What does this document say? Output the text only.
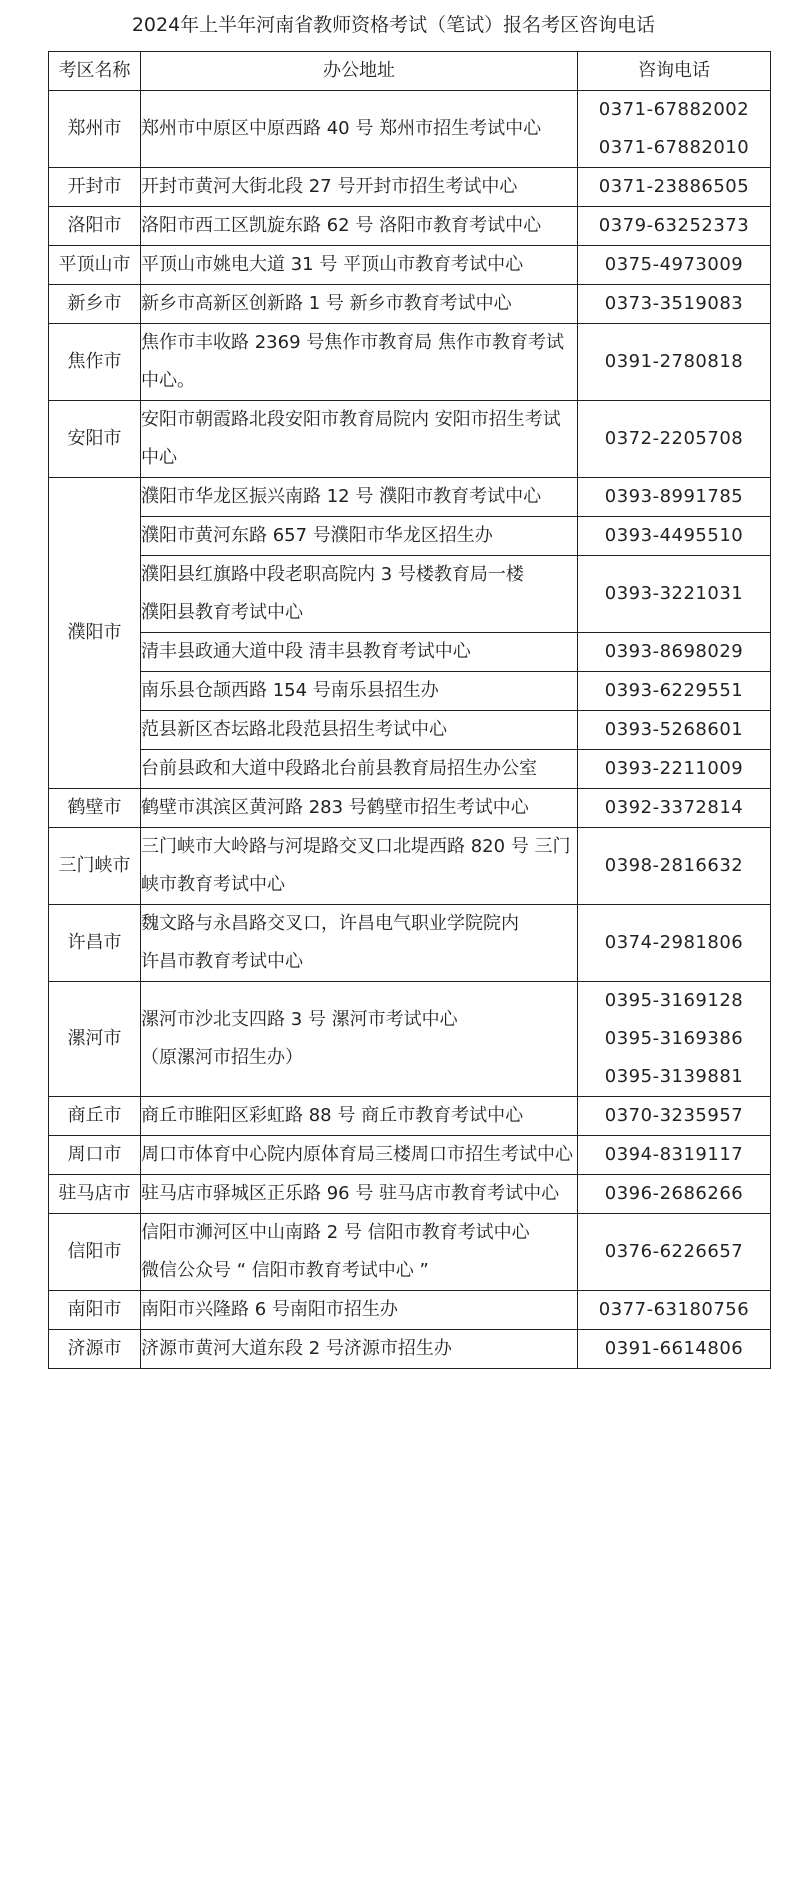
2024年上半年河南省教师资格考试（笔试）报名考区咨询电话
考区名称	办公地址	咨询电话
郑州市	郑州市中原区中原西路 40 号 郑州市招生考试中心	0371-67882002
0371-67882010

开封市	开封市黄河大街北段 27 号开封市招生考试中心	0371-23886505

洛阳市	洛阳市西工区凯旋东路 62 号 洛阳市教育考试中心	0379-63252373

平顶山市	平顶山市姚电大道 31 号 平顶山市教育考试中心	0375-4973009

新乡市	新乡市高新区创新路 1 号 新乡市教育考试中心	0373-3519083

焦作市	焦作市丰收路 2369 号焦作市教育局 焦作市教育考试中心。	0391-2780818

安阳市	安阳市朝霞路北段安阳市教育局院内 安阳市招生考试中心	0372-2205708

濮阳市	濮阳市华龙区振兴南路 12 号 濮阳市教育考试中心	0393-8991785

	濮阳市黄河东路 657 号濮阳市华龙区招生办	0393-4495510

	濮阳县红旗路中段老职高院内 3 号楼教育局一楼
濮阳县教育考试中心	0393-3221031

	清丰县政通大道中段 清丰县教育考试中心	0393-8698029

	南乐县仓颉西路 154 号南乐县招生办	0393-6229551

	范县新区杏坛路北段范县招生考试中心	0393-5268601

	台前县政和大道中段路北台前县教育局招生办公室	0393-2211009

鹤壁市	鹤壁市淇滨区黄河路 283 号鹤壁市招生考试中心	0392-3372814

三门峡市	三门峡市大岭路与河堤路交叉口北堤西路 820 号 三门峡市教育考试中心	0398-2816632

许昌市	魏文路与永昌路交叉口，许昌电气职业学院院内
许昌市教育考试中心	0374-2981806

漯河市	漯河市沙北支四路 3 号 漯河市考试中心
（原漯河市招生办）	0395-3169128
0395-3169386
0395-3139881

商丘市	商丘市睢阳区彩虹路 88 号 商丘市教育考试中心	0370-3235957

周口市	周口市体育中心院内原体育局三楼周口市招生考试中心	0394-8319117

驻马店市	驻马店市驿城区正乐路 96 号 驻马店市教育考试中心	0396-2686266

信阳市	信阳市浉河区中山南路 2 号 信阳市教育考试中心
微信公众号 “ 信阳市教育考试中心 ”	0376-6226657

南阳市	南阳市兴隆路 6 号南阳市招生办	0377-63180756

济源市	济源市黄河大道东段 2 号济源市招生办	0391-6614806
